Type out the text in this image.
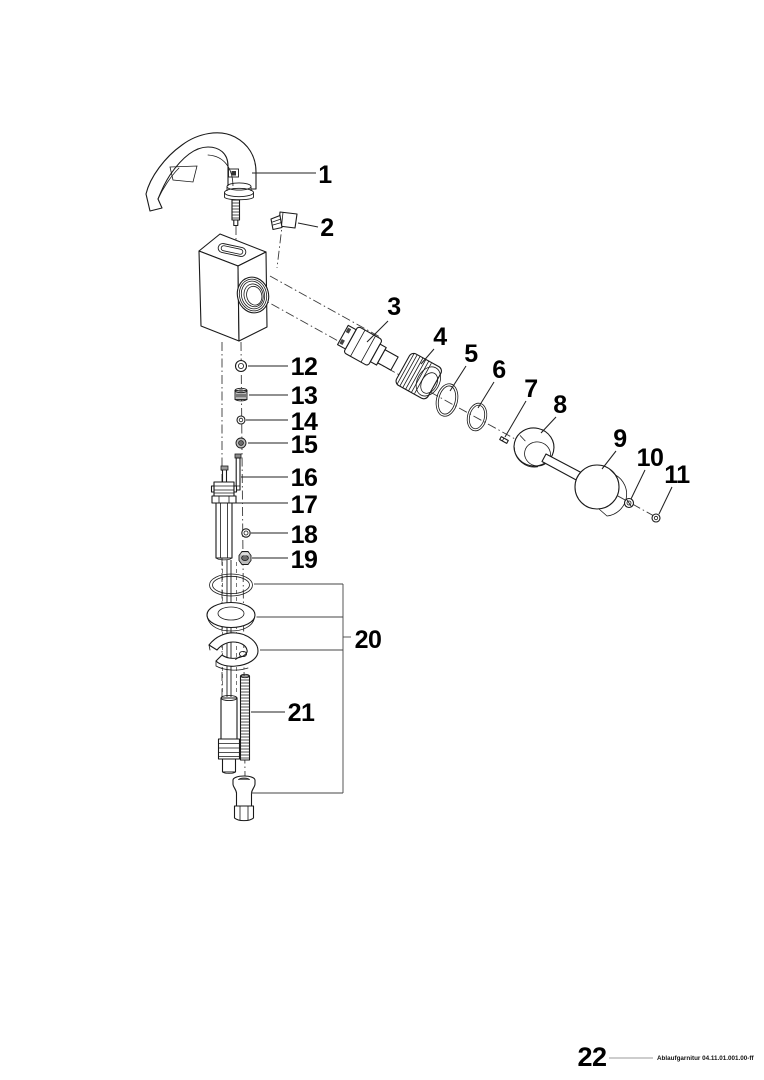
1
2
3
4
5
6
7
8
9
10
11
12
13
14
15
16
17
18
19
20
21
22	Ablaufgarnitur 04.11.01.001.00-ff
